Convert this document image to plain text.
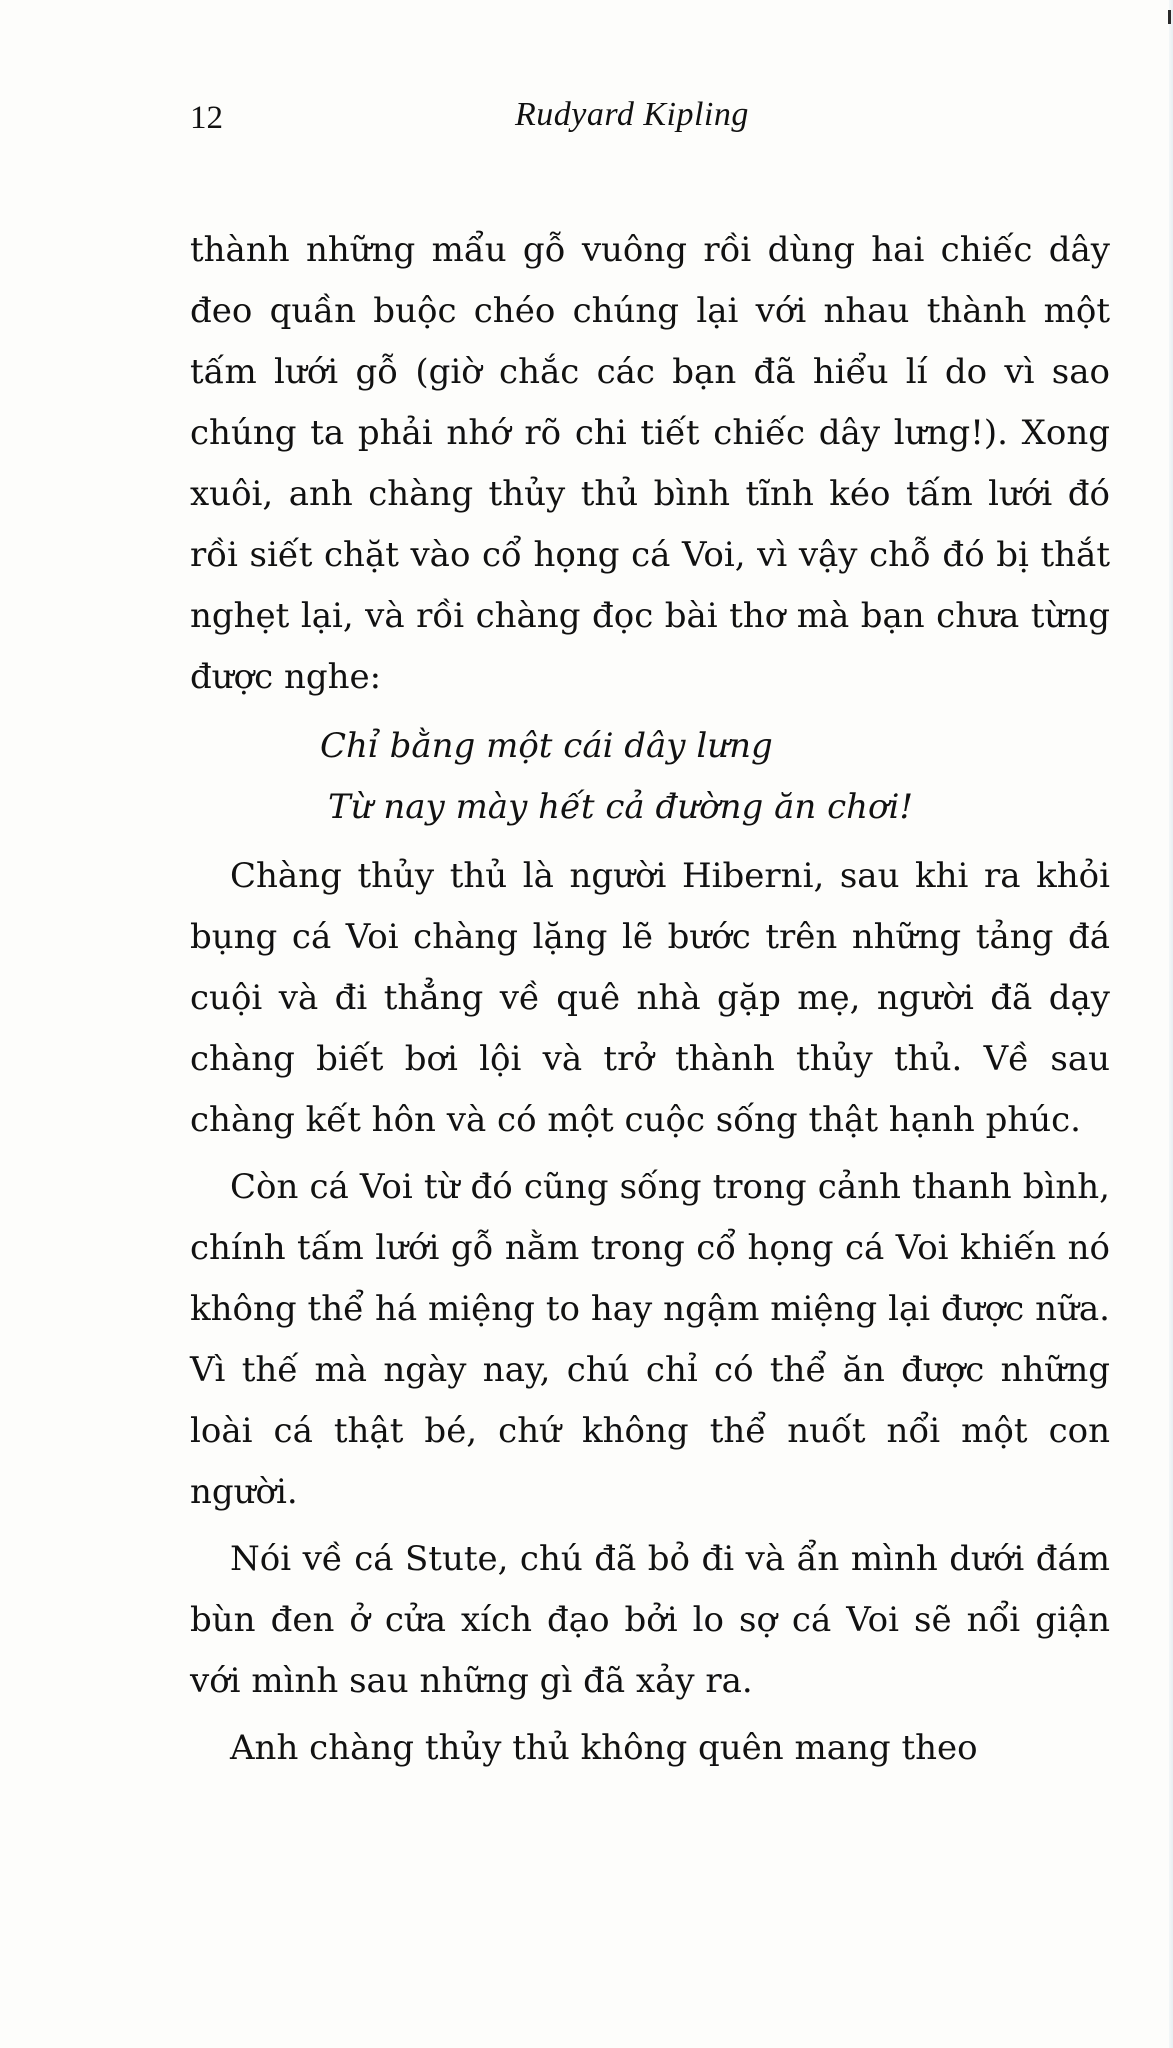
12	Rudyard Kipling

thành những mẩu gỗ vuông rồi dùng hai chiếc dây đeo quần buộc chéo chúng lại với nhau thành một tấm lưới gỗ (giờ chắc các bạn đã hiểu lí do vì sao chúng ta phải nhớ rõ chi tiết chiếc dây lưng!). Xong xuôi, anh chàng thủy thủ bình tĩnh kéo tấm lưới đó rồi siết chặt vào cổ họng cá Voi, vì vậy chỗ đó bị thắt nghẹt lại, và rồi chàng đọc bài thơ mà bạn chưa từng được nghe:

Chỉ bằng một cái dây lưng
Từ nay mày hết cả đường ăn chơi!

Chàng thủy thủ là người Hiberni, sau khi ra khỏi bụng cá Voi chàng lặng lẽ bước trên những tảng đá cuội và đi thẳng về quê nhà gặp mẹ, người đã dạy chàng biết bơi lội và trở thành thủy thủ. Về sau chàng kết hôn và có một cuộc sống thật hạnh phúc.

Còn cá Voi từ đó cũng sống trong cảnh thanh bình, chính tấm lưới gỗ nằm trong cổ họng cá Voi khiến nó không thể há miệng to hay ngậm miệng lại được nữa. Vì thế mà ngày nay, chú chỉ có thể ăn được những loài cá thật bé, chứ không thể nuốt nổi một con người.

Nói về cá Stute, chú đã bỏ đi và ẩn mình dưới đám bùn đen ở cửa xích đạo bởi lo sợ cá Voi sẽ nổi giận với mình sau những gì đã xảy ra.

Anh chàng thủy thủ không quên mang theo
